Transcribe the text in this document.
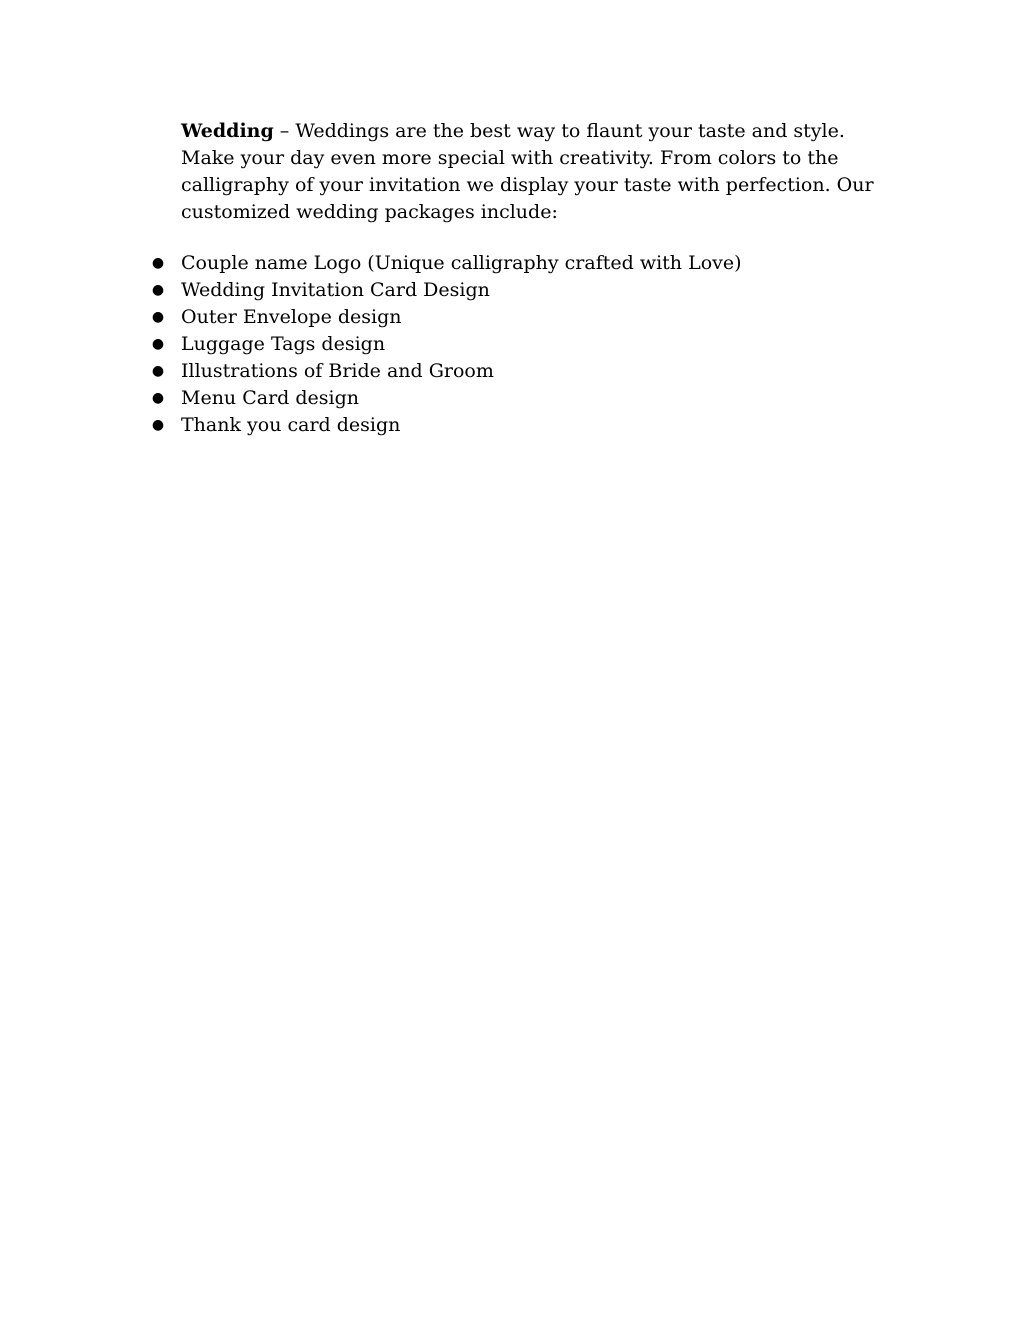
Wedding – Weddings are the best way to flaunt your taste and style. Make your day even more special with creativity. From colors to the calligraphy of your invitation we display your taste with perfection. Our customized wedding packages include:

● Couple name Logo (Unique calligraphy crafted with Love)
● Wedding Invitation Card Design
● Outer Envelope design
● Luggage Tags design
● Illustrations of Bride and Groom
● Menu Card design
● Thank you card design
